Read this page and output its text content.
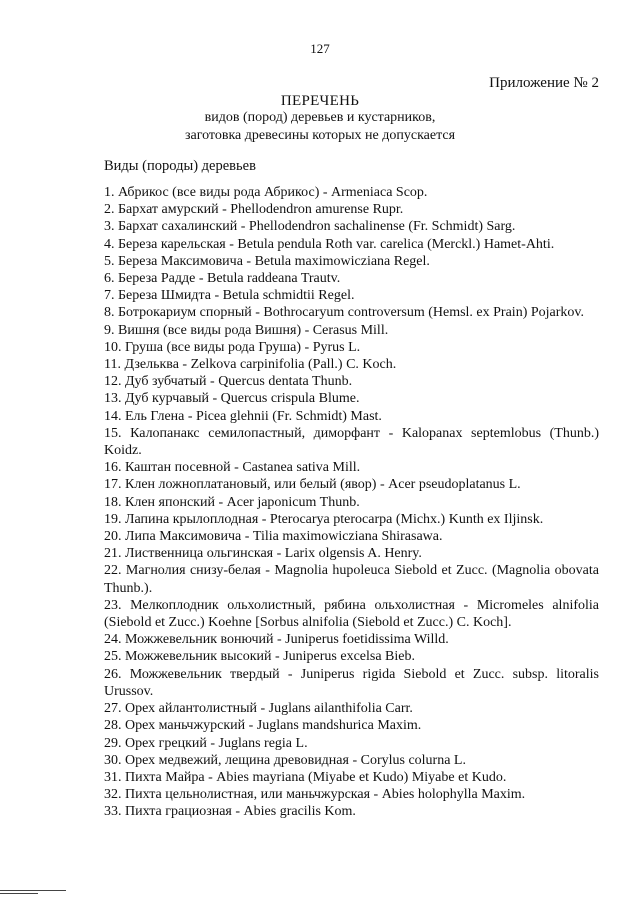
127
Приложение № 2
ПЕРЕЧЕНЬ
видов (пород) деревьев и кустарников,
заготовка древесины которых не допускается
Виды (породы) деревьев
1. Абрикос (все виды рода Абрикос) - Armeniaca Scop.
2. Бархат амурский - Phellodendron amurense Rupr.
3. Бархат сахалинский - Phellodendron sachalinense (Fr. Schmidt) Sarg.
4. Береза карельская - Betula pendula Roth var. carelica (Merckl.) Hamet-Ahti.
5. Береза Максимовича - Betula maximowicziana Regel.
6. Береза Радде - Betula raddeana Trautv.
7. Береза Шмидта - Betula schmidtii Regel.
8. Ботрокариум спорный - Bothrocaryum controversum (Hemsl. ex Prain) Pojarkov.
9. Вишня (все виды рода Вишня) - Cerasus Mill.
10. Груша (все виды рода Груша) - Pyrus L.
11. Дзельква - Zelkova carpinifolia (Pall.) C. Koch.
12. Дуб зубчатый - Quercus dentata Thunb.
13. Дуб курчавый - Quercus crispula Blume.
14. Ель Глена - Picea glehnii (Fr. Schmidt) Mast.
15. Калопанакс семилопастный, диморфант - Kalopanax septemlobus (Thunb.) Koidz.
16. Каштан посевной - Castanea sativa Mill.
17. Клен ложноплатановый, или белый (явор) - Acer pseudoplatanus L.
18. Клен японский - Acer japonicum Thunb.
19. Лапина крылоплодная - Pterocarya pterocarpa (Michx.) Kunth ex Iljinsk.
20. Липа Максимовича - Tilia maximowicziana Shirasawa.
21. Лиственница ольгинская - Larix olgensis A. Henry.
22. Магнолия снизу-белая - Magnolia hupoleuca Siebold et Zucc. (Magnolia obovata Thunb.).
23. Мелкоплодник ольхолистный, рябина ольхолистная - Micromeles alnifolia (Siebold et Zucc.) Koehne [Sorbus alnifolia (Siebold et Zucc.) C. Koch].
24. Можжевельник вонючий - Juniperus foetidissima Willd.
25. Можжевельник высокий - Juniperus excelsa Bieb.
26. Можжевельник твердый - Juniperus rigida Siebold et Zucc. subsp. litoralis Urussov.
27. Орех айлантолистный - Juglans ailanthifolia Carr.
28. Орех маньчжурский - Juglans mandshurica Maxim.
29. Орех грецкий - Juglans regia L.
30. Орех медвежий, лещина древовидная - Corylus colurna L.
31. Пихта Майра - Abies mayriana (Miyabe et Kudo) Miyabe et Kudo.
32. Пихта цельнолистная, или маньчжурская - Abies holophylla Maxim.
33. Пихта грациозная - Abies gracilis Kom.
